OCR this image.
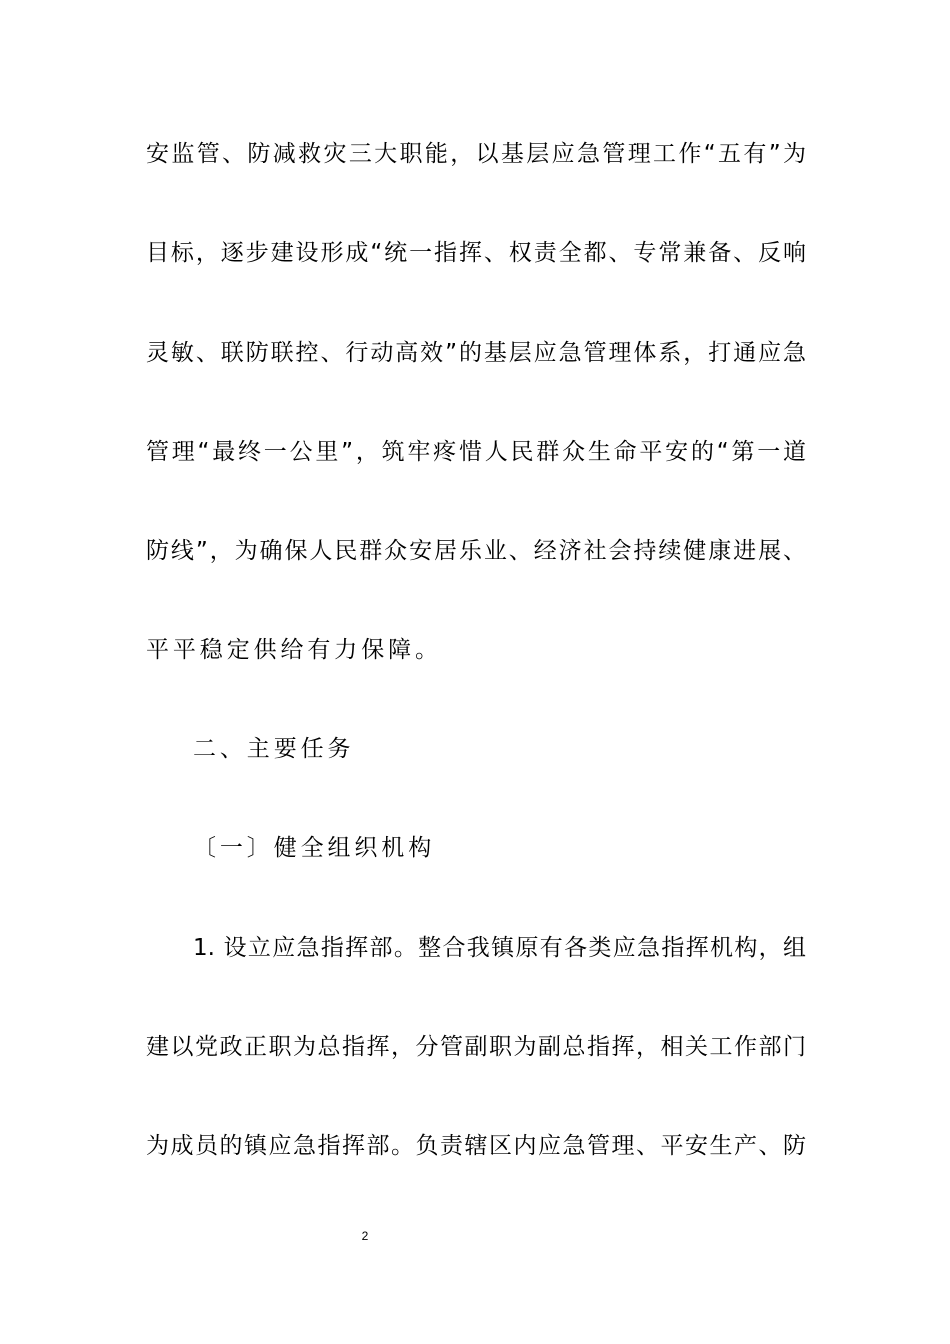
安监管、防减救灾三大职能，以基层应急管理工作“五有”为
目标，逐步建设形成“统一指挥、权责全都、专常兼备、反响
灵敏、联防联控、行动高效”的基层应急管理体系，打通应急
管理“最终一公里”，筑牢疼惜人民群众生命平安的“第一道
防线”，为确保人民群众安居乐业、经济社会持续健康进展、
平平稳定供给有力保障。
二、主要任务
〔一〕健全组织机构
1. 设立应急指挥部。整合我镇原有各类应急指挥机构，组
建以党政正职为总指挥，分管副职为副总指挥，相关工作部门
为成员的镇应急指挥部。负责辖区内应急管理、平安生产、防
2
